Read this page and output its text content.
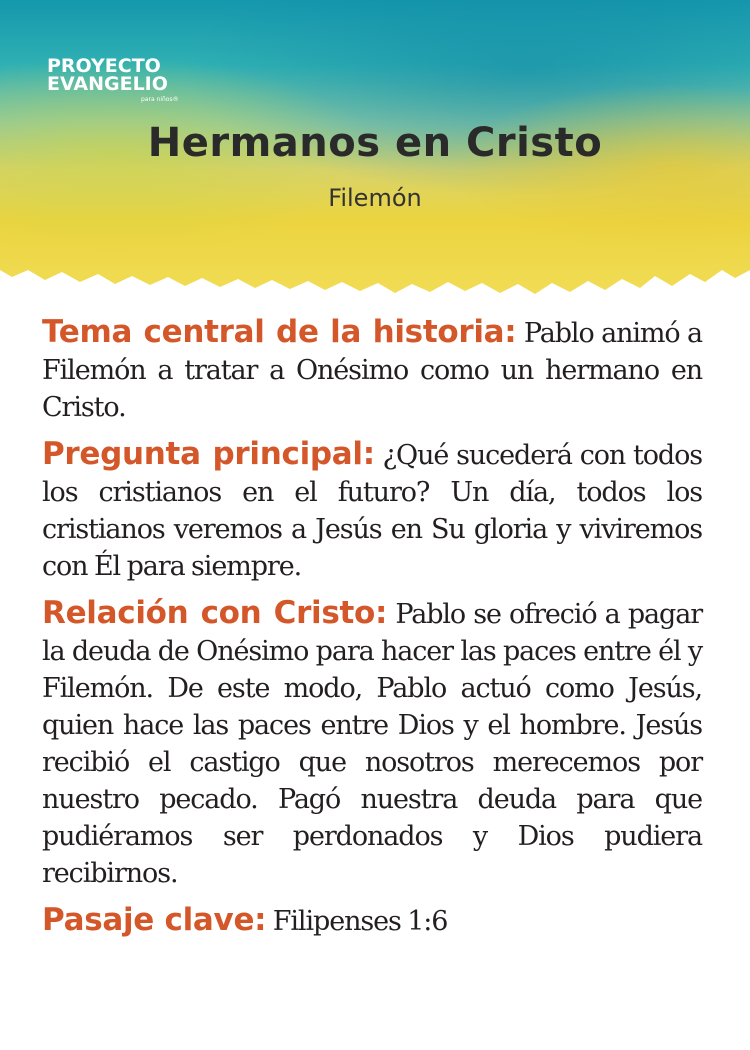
PROYECTO
EVANGELIO
para niños®
Hermanos en Cristo
Filemón

Tema central de la historia: Pablo animó a Filemón a tratar a Onésimo como un hermano en Cristo.

Pregunta principal: ¿Qué sucederá con todos los cristianos en el futuro? Un día, todos los cristianos veremos a Jesús en Su gloria y viviremos con Él para siempre.

Relación con Cristo: Pablo se ofreció a pagar la deuda de Onésimo para hacer las paces entre él y Filemón. De este modo, Pablo actuó como Jesús, quien hace las paces entre Dios y el hombre. Jesús recibió el castigo que nosotros merecemos por nuestro pecado. Pagó nuestra deuda para que pudiéramos ser perdonados y Dios pudiera recibirnos.

Pasaje clave: Filipenses 1:6
